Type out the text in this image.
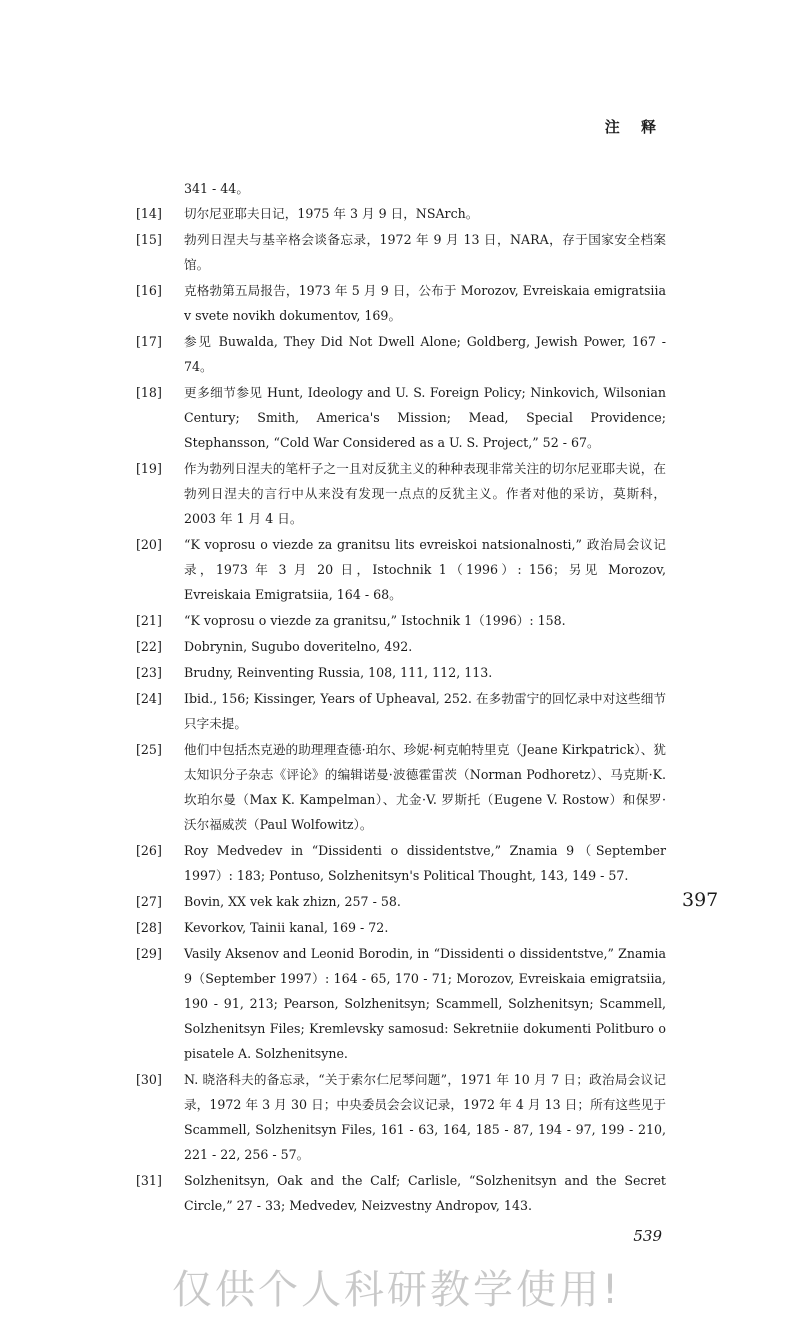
注 释
341 - 44。
[14]	切尔尼亚耶夫日记，1975 年 3 月 9 日，NSArch。
[15]	勃列日涅夫与基辛格会谈备忘录，1972 年 9 月 13 日，NARA，存于国家安全档案馆。
[16]	克格勃第五局报告，1973 年 5 月 9 日，公布于 Morozov, Evreiskaia emigratsiia v svete novikh dokumentov, 169。
[17]	参见 Buwalda, They Did Not Dwell Alone; Goldberg, Jewish Power, 167 - 74。
[18]	更多细节参见 Hunt, Ideology and U. S. Foreign Policy; Ninkovich, Wilsonian Century; Smith, America's Mission; Mead, Special Providence; Stephansson, “Cold War Considered as a U. S. Project,” 52 - 67。
[19]	作为勃列日涅夫的笔杆子之一且对反犹主义的种种表现非常关注的切尔尼亚耶夫说，在勃列日涅夫的言行中从来没有发现一点点的反犹主义。作者对他的采访，莫斯科，2003 年 1 月 4 日。
[20]	“K voprosu o viezde za granitsu lits evreiskoi natsionalnosti,” 政治局会议记录，1973 年 3 月 20 日，Istochnik 1（1996）: 156；另见 Morozov, Evreiskaia Emigratsiia, 164 - 68。
[21]	“K voprosu o viezde za granitsu,” Istochnik 1（1996）: 158.
[22]	Dobrynin, Sugubo doveritelno, 492.
[23]	Brudny, Reinventing Russia, 108, 111, 112, 113.
[24]	Ibid., 156; Kissinger, Years of Upheaval, 252. 在多勃雷宁的回忆录中对这些细节只字未提。
[25]	他们中包括杰克逊的助理理查德·珀尔、珍妮·柯克帕特里克（Jeane Kirkpatrick）、犹太知识分子杂志《评论》的编辑诺曼·波德霍雷茨（Norman Podhoretz）、马克斯·K. 坎珀尔曼（Max K. Kampelman）、尤金·V. 罗斯托（Eugene V. Rostow）和保罗·沃尔福威茨（Paul Wolfowitz）。
[26]	Roy Medvedev in “Dissidenti o dissidentstve,” Znamia 9（September 1997）: 183; Pontuso, Solzhenitsyn's Political Thought, 143, 149 - 57.
[27]	Bovin, XX vek kak zhizn, 257 - 58.
[28]	Kevorkov, Tainii kanal, 169 - 72.
[29]	Vasily Aksenov and Leonid Borodin, in “Dissidenti o dissidentstve,” Znamia 9（September 1997）: 164 - 65, 170 - 71; Morozov, Evreiskaia emigratsiia, 190 - 91, 213; Pearson, Solzhenitsyn; Scammell, Solzhenitsyn; Scammell, Solzhenitsyn Files; Kremlevsky samosud: Sekretniie dokumenti Politburo o pisatele A. Solzhenitsyne.
[30]	N. 晓洛科夫的备忘录，“关于索尔仁尼琴问题”，1971 年 10 月 7 日；政治局会议记录，1972 年 3 月 30 日；中央委员会会议记录，1972 年 4 月 13 日；所有这些见于 Scammell, Solzhenitsyn Files, 161 - 63, 164, 185 - 87, 194 - 97, 199 - 210, 221 - 22, 256 - 57。
[31]	Solzhenitsyn, Oak and the Calf; Carlisle, “Solzhenitsyn and the Secret Circle,” 27 - 33; Medvedev, Neizvestny Andropov, 143.
397
539
仅供个人科研教学使用!
